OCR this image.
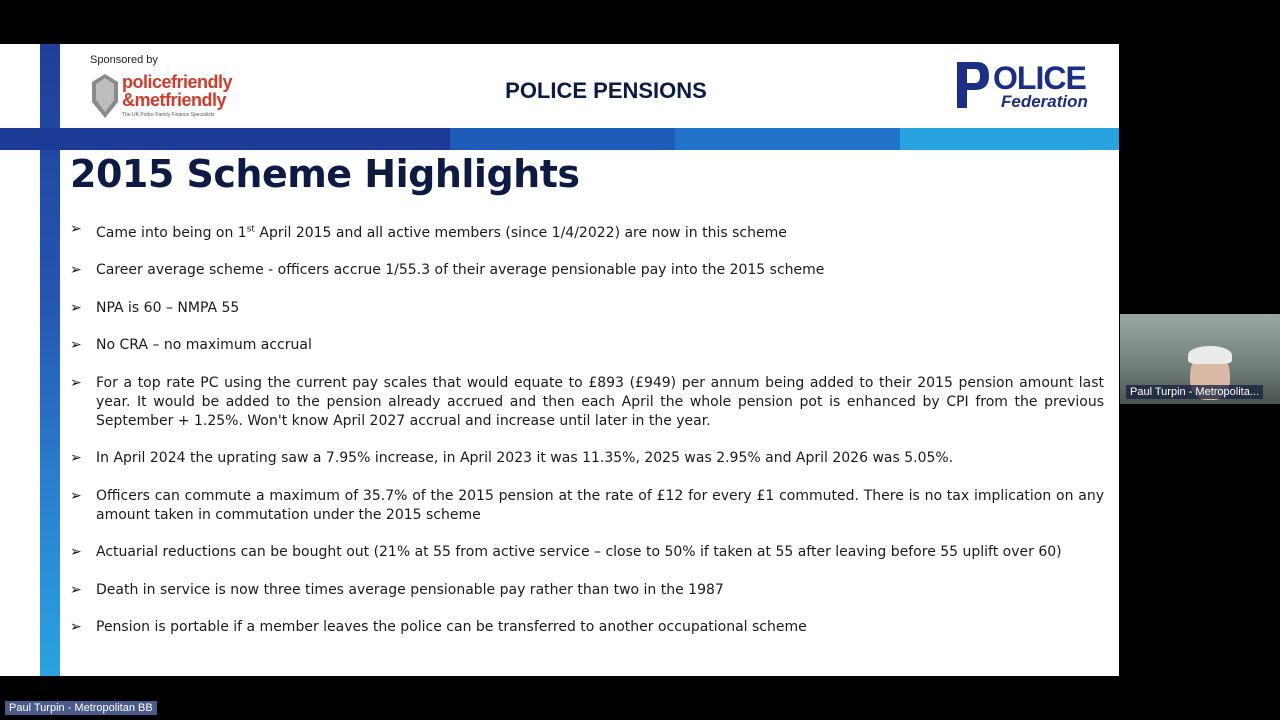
Sponsored by
policefriendly
&metfriendly
The UK Police Family Finance Specialists
POLICE PENSIONS	OLICE
Federation
2015 Scheme Highlights
➢ Came into being on 1st April 2015 and all active members (since 1/4/2022) are now in this scheme
➢ Career average scheme - officers accrue 1/55.3 of their average pensionable pay into the 2015 scheme
➢ NPA is 60 – NMPA 55
➢ No CRA – no maximum accrual
➢ For a top rate PC using the current pay scales that would equate to £893 (£949) per annum being added to their 2015 pension amount last year. It would be added to the pension already accrued and then each April the whole pension pot is enhanced by CPI from the previous September + 1.25%. Won't know April 2027 accrual and increase until later in the year.
➢ In April 2024 the uprating saw a 7.95% increase, in April 2023 it was 11.35%, 2025 was 2.95% and April 2026 was 5.05%.
➢ Officers can commute a maximum of 35.7% of the 2015 pension at the rate of £12 for every £1 commuted. There is no tax implication on any amount taken in commutation under the 2015 scheme
➢ Actuarial reductions can be bought out (21% at 55 from active service – close to 50% if taken at 55 after leaving before 55 uplift over 60)
➢ Death in service is now three times average pensionable pay rather than two in the 1987
➢ Pension is portable if a member leaves the police can be transferred to another occupational scheme
Paul Turpin - Metropolita...
Paul Turpin - Metropolitan BB
